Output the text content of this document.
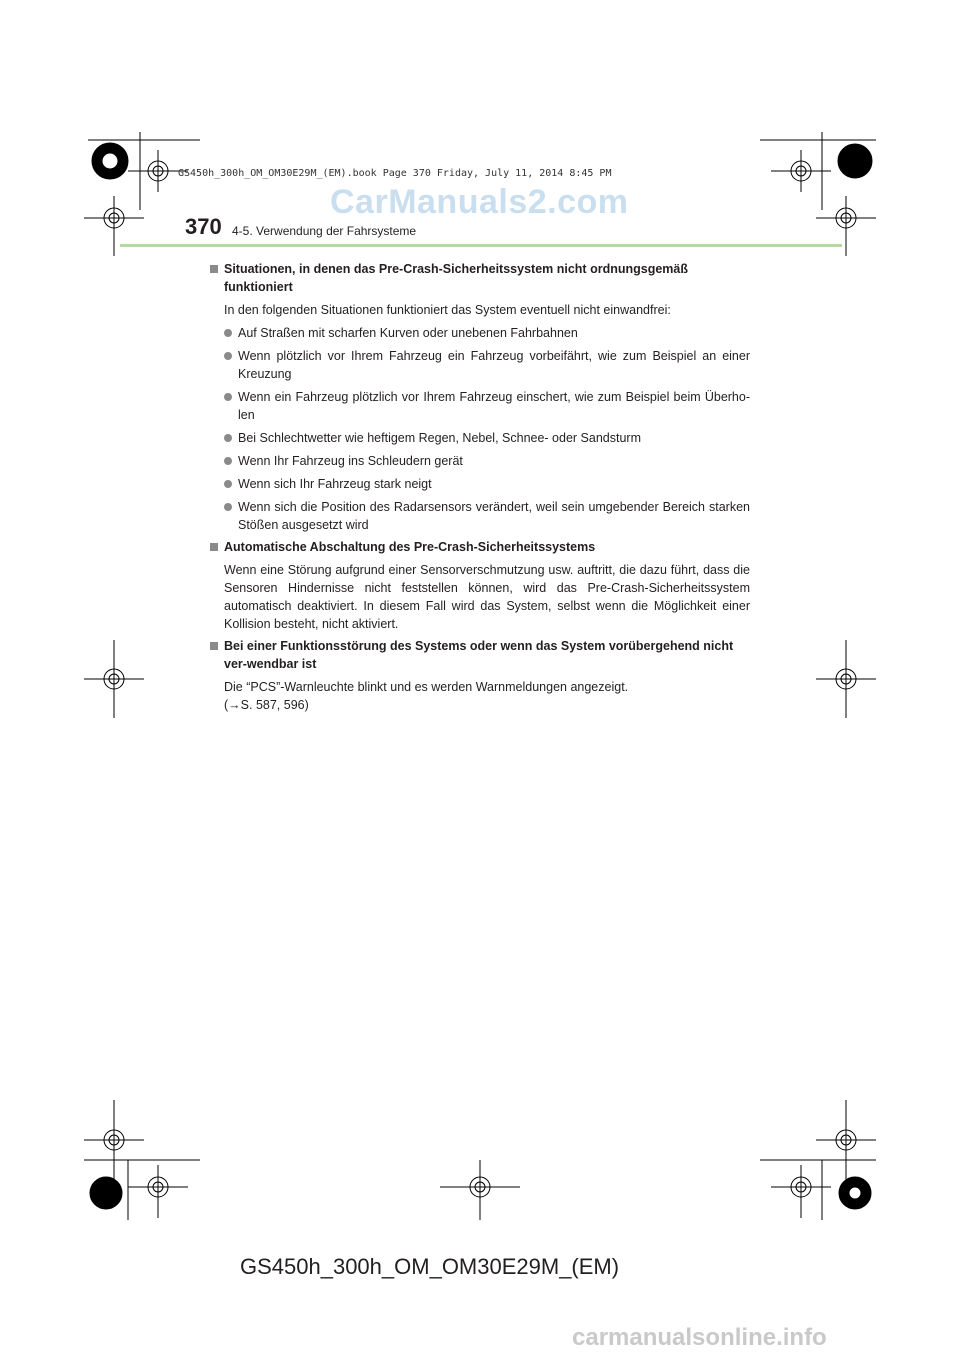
GS450h_300h_OM_OM30E29M_(EM).book Page 370 Friday, July 11, 2014 8:45 PM
CarManuals2.com
370 4-5. Verwendung der Fahrsysteme
Situationen, in denen das Pre-Crash-Sicherheitssystem nicht ordnungsgemäß funktioniert
In den folgenden Situationen funktioniert das System eventuell nicht einwandfrei:
Auf Straßen mit scharfen Kurven oder unebenen Fahrbahnen
Wenn plötzlich vor Ihrem Fahrzeug ein Fahrzeug vorbeifährt, wie zum Beispiel an einer Kreuzung
Wenn ein Fahrzeug plötzlich vor Ihrem Fahrzeug einschert, wie zum Beispiel beim Überho-len
Bei Schlechtwetter wie heftigem Regen, Nebel, Schnee- oder Sandsturm
Wenn Ihr Fahrzeug ins Schleudern gerät
Wenn sich Ihr Fahrzeug stark neigt
Wenn sich die Position des Radarsensors verändert, weil sein umgebender Bereich starken Stößen ausgesetzt wird
Automatische Abschaltung des Pre-Crash-Sicherheitssystems
Wenn eine Störung aufgrund einer Sensorverschmutzung usw. auftritt, die dazu führt, dass die Sensoren Hindernisse nicht feststellen können, wird das Pre-Crash-Sicherheitssystem automatisch deaktiviert. In diesem Fall wird das System, selbst wenn die Möglichkeit einer Kollision besteht, nicht aktiviert.
Bei einer Funktionsstörung des Systems oder wenn das System vorübergehend nicht ver-wendbar ist
Die “PCS”-Warnleuchte blinkt und es werden Warnmeldungen angezeigt.
(→S. 587, 596)
GS450h_300h_OM_OM30E29M_(EM)
carmanualsonline.info
